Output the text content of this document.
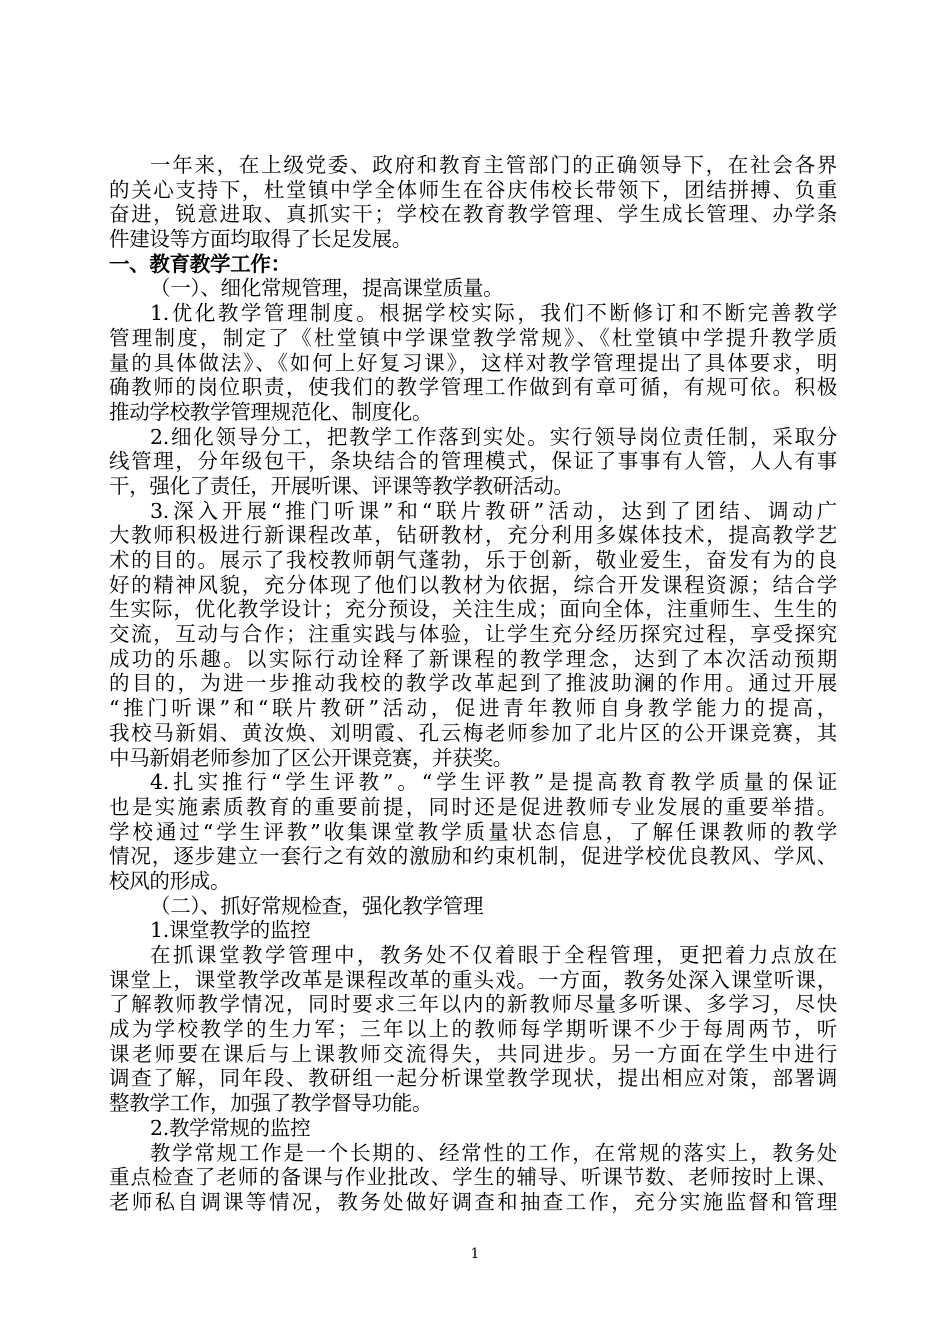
一年来，在上级党委、政府和教育主管部门的正确领导下，在社会各界
的关心支持下，杜堂镇中学全体师生在谷庆伟校长带领下，团结拼搏、负重
奋进，锐意进取、真抓实干；学校在教育教学管理、学生成长管理、办学条
件建设等方面均取得了长足发展。
一、教育教学工作：
（一）、细化常规管理，提高课堂质量。
1.优化教学管理制度。根据学校实际，我们不断修订和不断完善教学
管理制度，制定了《杜堂镇中学课堂教学常规》、《杜堂镇中学提升教学质
量的具体做法》、《如何上好复习课》，这样对教学管理提出了具体要求，明
确教师的岗位职责，使我们的教学管理工作做到有章可循，有规可依。积极
推动学校教学管理规范化、制度化。
2.细化领导分工，把教学工作落到实处。实行领导岗位责任制，采取分
线管理，分年级包干，条块结合的管理模式，保证了事事有人管，人人有事
干，强化了责任，开展听课、评课等教学教研活动。
3.深入开展“推门听课”和“联片教研”活动，达到了团结、调动广
大教师积极进行新课程改革，钻研教材，充分利用多媒体技术，提高教学艺
术的目的。展示了我校教师朝气蓬勃，乐于创新，敬业爱生，奋发有为的良
好的精神风貌，充分体现了他们以教材为依据，综合开发课程资源；结合学
生实际，优化教学设计；充分预设，关注生成；面向全体，注重师生、生生的
交流，互动与合作；注重实践与体验，让学生充分经历探究过程，享受探究
成功的乐趣。以实际行动诠释了新课程的教学理念，达到了本次活动预期
的目的，为进一步推动我校的教学改革起到了推波助澜的作用。通过开展
“推门听课”和“联片教研”活动，促进青年教师自身教学能力的提高，
我校马新娟、黄汝焕、刘明霞、孔云梅老师参加了北片区的公开课竞赛，其
中马新娟老师参加了区公开课竞赛，并获奖。
4.扎实推行“学生评教”。“学生评教”是提高教育教学质量的保证
也是实施素质教育的重要前提，同时还是促进教师专业发展的重要举措。
学校通过“学生评教”收集课堂教学质量状态信息，了解任课教师的教学
情况，逐步建立一套行之有效的激励和约束机制，促进学校优良教风、学风、
校风的形成。
（二）、抓好常规检查，强化教学管理
1.课堂教学的监控
在抓课堂教学管理中，教务处不仅着眼于全程管理，更把着力点放在
课堂上，课堂教学改革是课程改革的重头戏。一方面，教务处深入课堂听课，
了解教师教学情况，同时要求三年以内的新教师尽量多听课、多学习，尽快
成为学校教学的生力军；三年以上的教师每学期听课不少于每周两节，听
课老师要在课后与上课教师交流得失，共同进步。另一方面在学生中进行
调查了解，同年段、教研组一起分析课堂教学现状，提出相应对策，部署调
整教学工作，加强了教学督导功能。
2.教学常规的监控
教学常规工作是一个长期的、经常性的工作，在常规的落实上，教务处
重点检查了老师的备课与作业批改、学生的辅导、听课节数、老师按时上课、
老师私自调课等情况，教务处做好调查和抽查工作，充分实施监督和管理
1
